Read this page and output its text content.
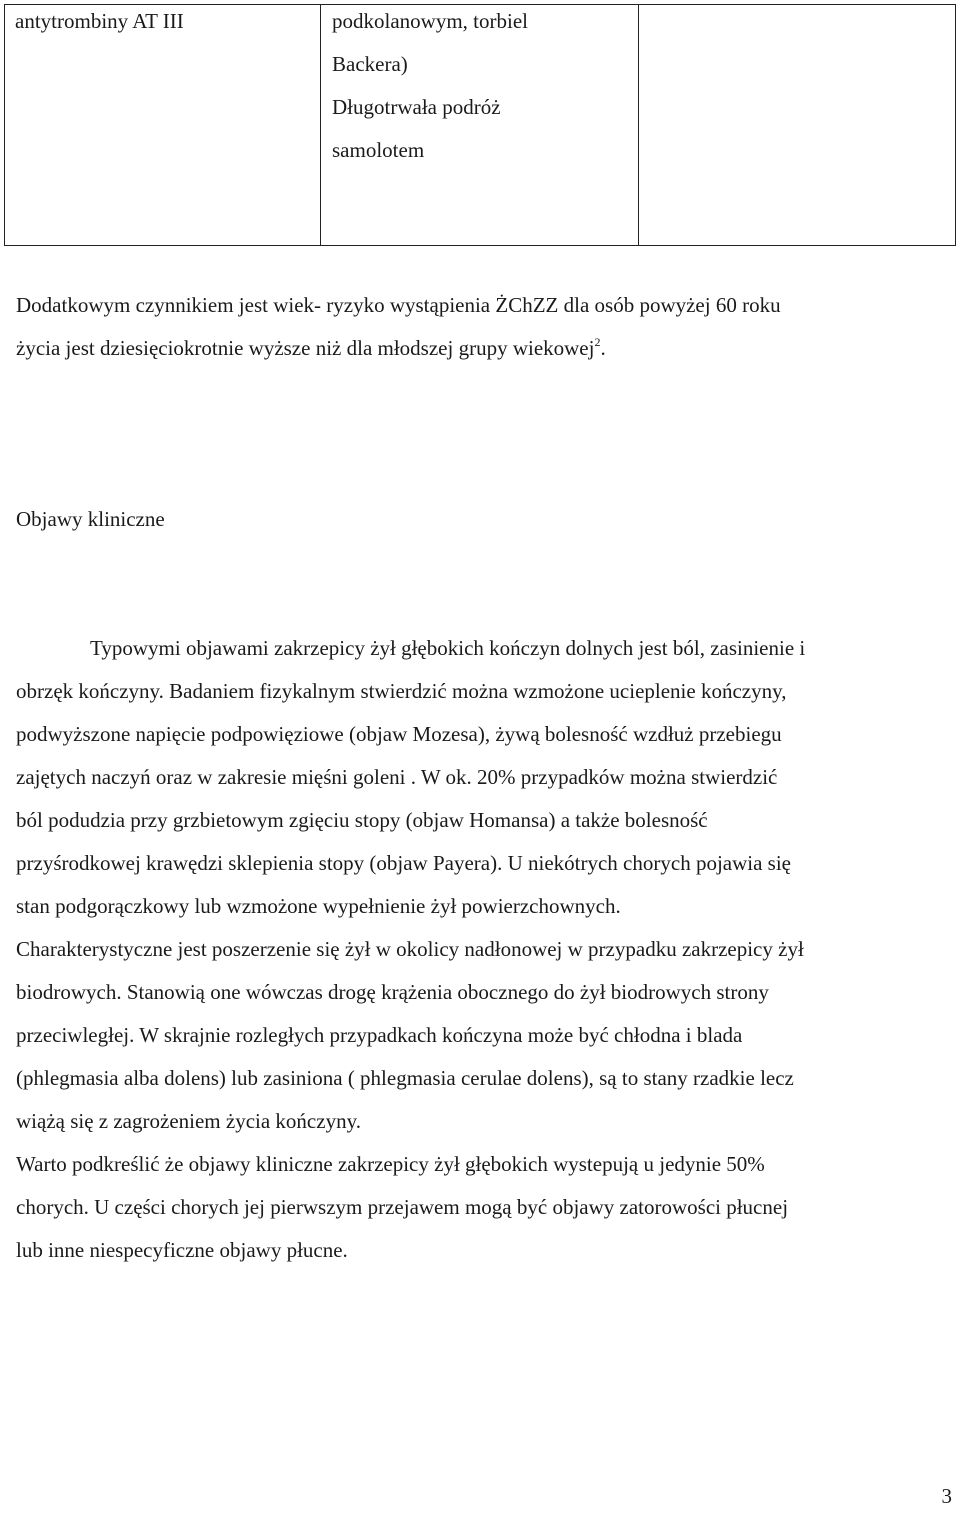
antytrombiny AT III	podkolanowym, torbiel
Backera)
Długotrwała podróż
samolotem
Dodatkowym czynnikiem jest wiek- ryzyko wystąpienia ŻChZZ dla osób powyżej 60 roku
życia jest dziesięciokrotnie wyższe niż dla młodszej grupy wiekowej$^2$.
Objawy kliniczne
Typowymi objawami zakrzepicy żył głębokich kończyn dolnych jest ból, zasinienie i
obrzęk kończyny. Badaniem fizykalnym stwierdzić można wzmożone ucieplenie kończyny,
podwyższone napięcie podpowięziowe (objaw Mozesa), żywą bolesność wzdłuż przebiegu
zajętych naczyń oraz w zakresie mięśni goleni . W ok. 20% przypadków można stwierdzić
ból podudzia przy grzbietowym zgięciu stopy (objaw Homansa) a także bolesność
przyśrodkowej krawędzi sklepienia stopy (objaw Payera). U niekótrych chorych pojawia się
stan podgorączkowy lub wzmożone wypełnienie żył powierzchownych.
Charakterystyczne jest poszerzenie się żył w okolicy nadłonowej w przypadku zakrzepicy żył
biodrowych. Stanowią one wówczas drogę krążenia obocznego do żył biodrowych strony
przeciwległej. W skrajnie rozległych przypadkach kończyna może być chłodna i blada
(phlegmasia alba dolens) lub zasiniona ( phlegmasia cerulae dolens), są to stany rzadkie lecz
wiążą się z zagrożeniem życia kończyny.
Warto podkreślić że objawy kliniczne zakrzepicy żył głębokich wystepują u jedynie 50%
chorych. U części chorych jej pierwszym przejawem mogą być objawy zatorowości płucnej
lub inne niespecyficzne objawy płucne.
3
